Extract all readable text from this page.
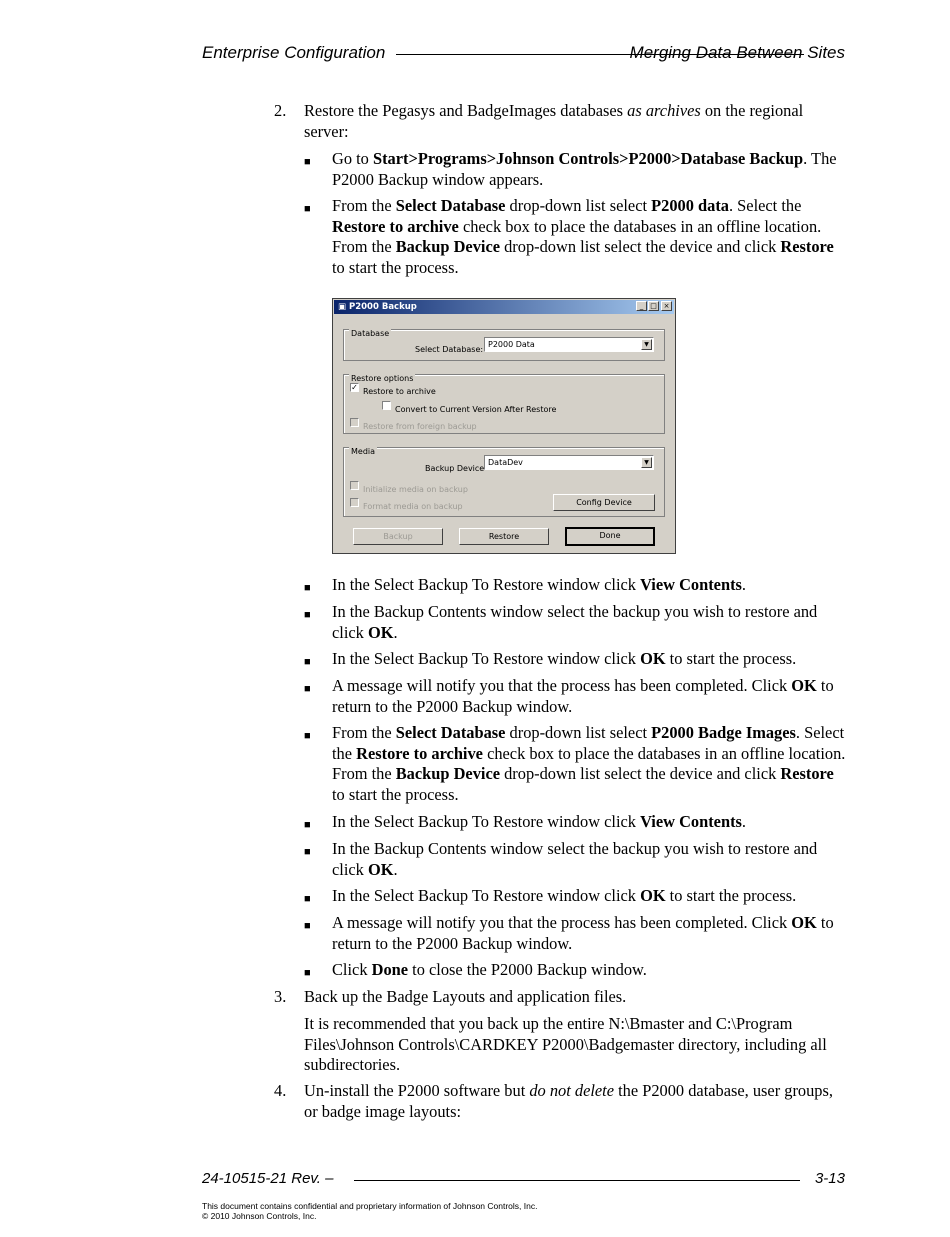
Enterprise Configuration	Merging Data Between Sites
2.	Restore the Pegasys and BadgeImages databases as archives on the regional server:

■	Go to Start>Programs>Johnson Controls>P2000>Database Backup. The P2000 Backup window appears.

■	From the Select Database drop-down list select P2000 data. Select the Restore to archive check box to place the databases in an offline location. From the Backup Device drop-down list select the device and click Restore to start the process.

▣ P2000 Backup	_ □ ×
Database
Select Database:
P2000 Data	▼
Restore options
✓ Restore to archive
Convert to Current Version After Restore
Restore from foreign backup
Media
Backup Device
DataDev	▼
Initialize media on backup
Format media on backup	Config Device
Backup	Restore	Done
■	In the Select Backup To Restore window click View Contents.

■	In the Backup Contents window select the backup you wish to restore and click OK.

■	In the Select Backup To Restore window click OK to start the process.

■	A message will notify you that the process has been completed. Click OK to return to the P2000 Backup window.

■	From the Select Database drop-down list select P2000 Badge Images. Select the Restore to archive check box to place the databases in an offline location. From the Backup Device drop-down list select the device and click Restore to start the process.

■	In the Select Backup To Restore window click View Contents.

■	In the Backup Contents window select the backup you wish to restore and click OK.

■	In the Select Backup To Restore window click OK to start the process.

■	A message will notify you that the process has been completed. Click OK to return to the P2000 Backup window.

■	Click Done to close the P2000 Backup window.

3.	Back up the Badge Layouts and application files.

It is recommended that you back up the entire N:\Bmaster and C:\Program Files\Johnson Controls\CARDKEY P2000\Badgemaster directory, including all subdirectories.

4.	Un-install the P2000 software but do not delete the P2000 database, user groups, or badge image layouts:

24-10515-21 Rev. –	3-13
This document contains confidential and proprietary information of Johnson Controls, Inc.
© 2010 Johnson Controls, Inc.
